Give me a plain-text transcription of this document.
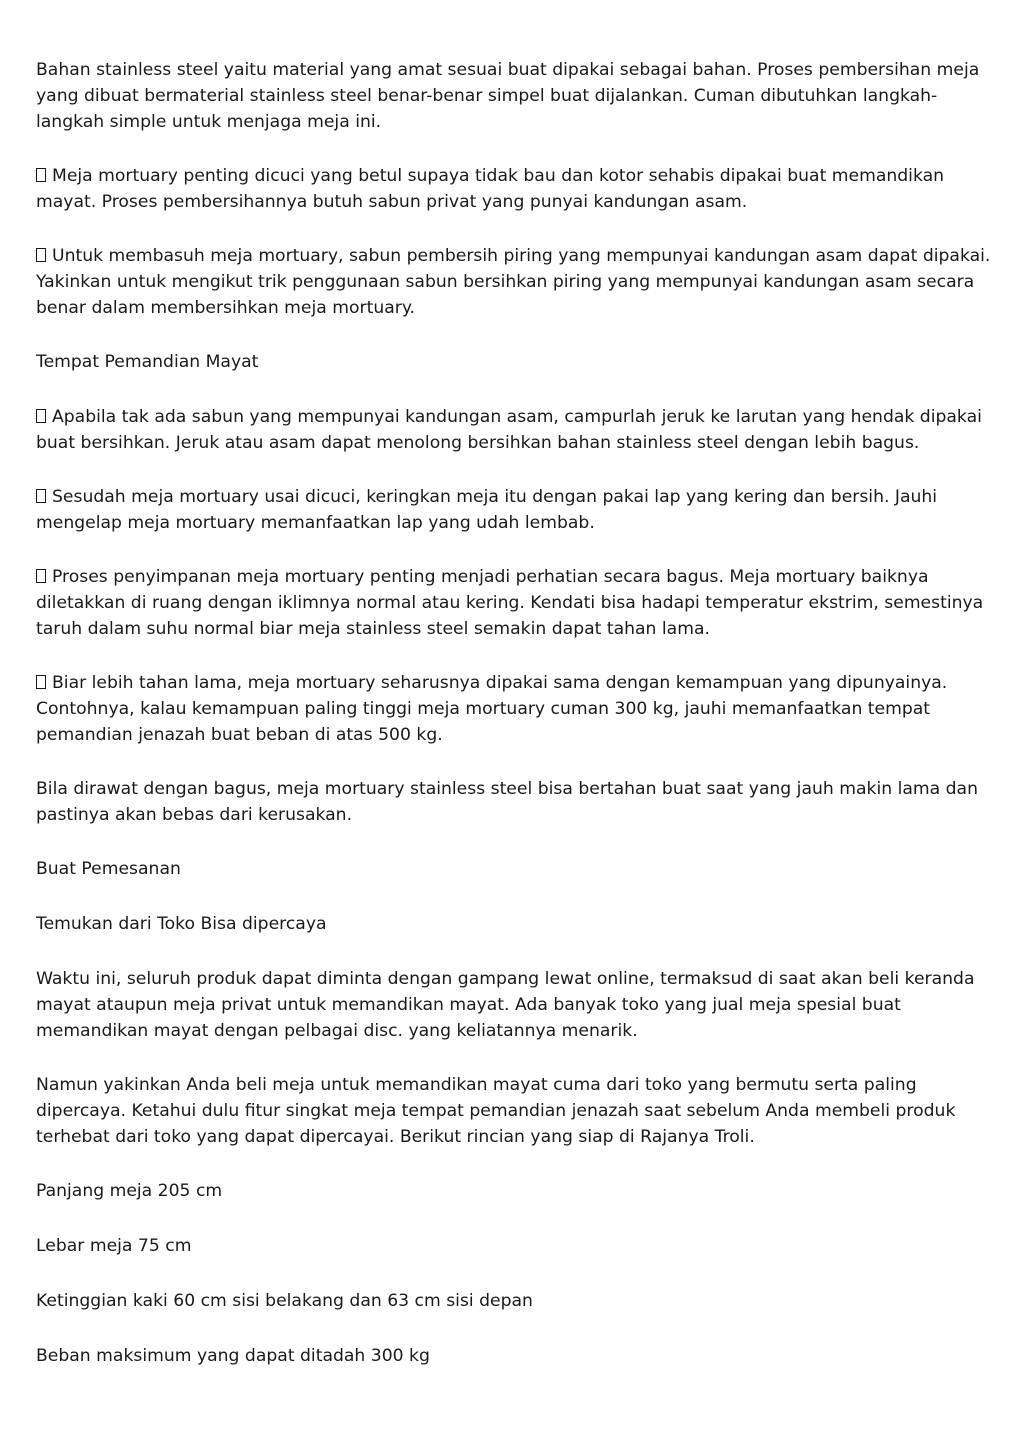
Bahan stainless steel yaitu material yang amat sesuai buat dipakai sebagai bahan. Proses pembersihan meja yang dibuat bermaterial stainless steel benar-benar simpel buat dijalankan. Cuman dibutuhkan langkah-langkah simple untuk menjaga meja ini.

Meja mortuary penting dicuci yang betul supaya tidak bau dan kotor sehabis dipakai buat memandikan mayat. Proses pembersihannya butuh sabun privat yang punyai kandungan asam.

Untuk membasuh meja mortuary, sabun pembersih piring yang mempunyai kandungan asam dapat dipakai. Yakinkan untuk mengikut trik penggunaan sabun bersihkan piring yang mempunyai kandungan asam secara benar dalam membersihkan meja mortuary.

Tempat Pemandian Mayat

Apabila tak ada sabun yang mempunyai kandungan asam, campurlah jeruk ke larutan yang hendak dipakai buat bersihkan. Jeruk atau asam dapat menolong bersihkan bahan stainless steel dengan lebih bagus.

Sesudah meja mortuary usai dicuci, keringkan meja itu dengan pakai lap yang kering dan bersih. Jauhi mengelap meja mortuary memanfaatkan lap yang udah lembab.

Proses penyimpanan meja mortuary penting menjadi perhatian secara bagus. Meja mortuary baiknya diletakkan di ruang dengan iklimnya normal atau kering. Kendati bisa hadapi temperatur ekstrim, semestinya taruh dalam suhu normal biar meja stainless steel semakin dapat tahan lama.

Biar lebih tahan lama, meja mortuary seharusnya dipakai sama dengan kemampuan yang dipunyainya. Contohnya, kalau kemampuan paling tinggi meja mortuary cuman 300 kg, jauhi memanfaatkan tempat pemandian jenazah buat beban di atas 500 kg.

Bila dirawat dengan bagus, meja mortuary stainless steel bisa bertahan buat saat yang jauh makin lama dan pastinya akan bebas dari kerusakan.

Buat Pemesanan

Temukan dari Toko Bisa dipercaya

Waktu ini, seluruh produk dapat diminta dengan gampang lewat online, termaksud di saat akan beli keranda mayat ataupun meja privat untuk memandikan mayat. Ada banyak toko yang jual meja spesial buat memandikan mayat dengan pelbagai disc. yang keliatannya menarik.

Namun yakinkan Anda beli meja untuk memandikan mayat cuma dari toko yang bermutu serta paling dipercaya. Ketahui dulu fitur singkat meja tempat pemandian jenazah saat sebelum Anda membeli produk terhebat dari toko yang dapat dipercayai. Berikut rincian yang siap di Rajanya Troli.

Panjang meja 205 cm

Lebar meja 75 cm

Ketinggian kaki 60 cm sisi belakang dan 63 cm sisi depan

Beban maksimum yang dapat ditadah 300 kg
